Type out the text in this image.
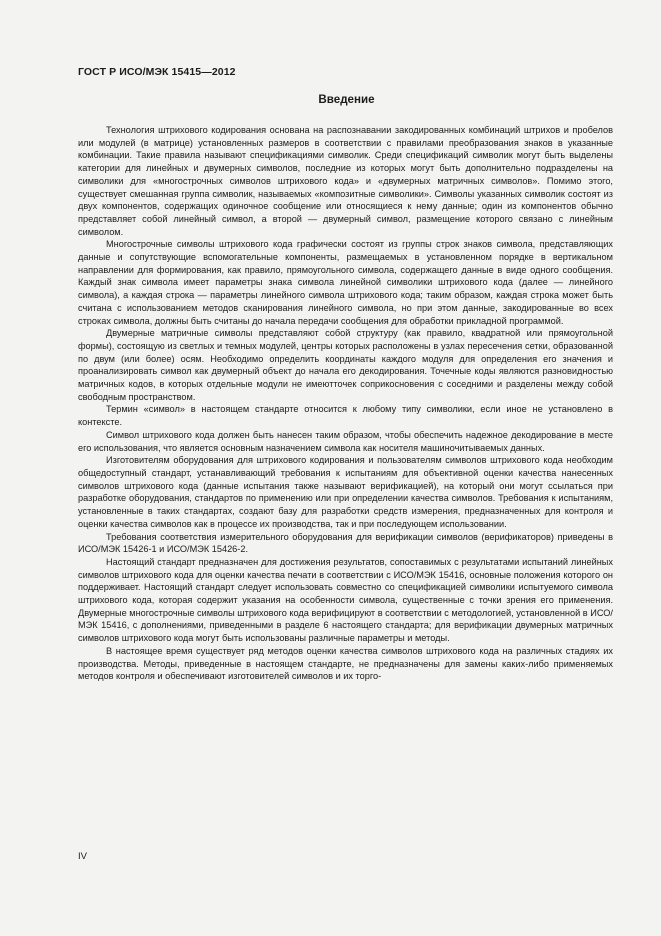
ГОСТ Р ИСО/МЭК 15415—2012
Введение

Технология штрихового кодирования основана на распознавании закодированных комбинаций штрихов и пробелов или модулей (в матрице) установленных размеров в соответствии с правилами преобразования знаков в указанные комбинации. Такие правила называют спецификациями символик. Среди спецификаций символик могут быть выделены категории для линейных и двумерных символов, последние из которых могут быть дополнительно подразделены на символики для «многострочных символов штрихового кода» и «двумерных матричных символов». Помимо этого, существует смешанная группа символик, называемых «композитные символики». Символы указанных символик состоят из двух компонентов, содержащих одиночное сообщение или относящиеся к нему данные; один из компонентов обычно представляет собой линейный символ, а второй — двумерный символ, размещение которого связано с линейным символом.

Многострочные символы штрихового кода графически состоят из группы строк знаков символа, представляющих данные и сопутствующие вспомогательные компоненты, размещаемых в установленном порядке в вертикальном направлении для формирования, как правило, прямоугольного символа, содержащего данные в виде одного сообщения. Каждый знак символа имеет параметры знака символа линейной символики штрихового кода (далее — линейного символа), а каждая строка — параметры линейного символа штрихового кода; таким образом, каждая строка может быть считана с использованием методов сканирования линейного символа, но при этом данные, закодированные во всех строках символа, должны быть считаны до начала передачи сообщения для обработки прикладной программой.

Двумерные матричные символы представляют собой структуру (как правило, квадратной или прямоугольной формы), состоящую из светлых и темных модулей, центры которых расположены в узлах пересечения сетки, образованной по двум (или более) осям. Необходимо определить координаты каждого модуля для определения его значения и проанализировать символ как двумерный объект до начала его декодирования. Точечные коды являются разновидностью матричных кодов, в которых отдельные модули не имеютточек соприкосновения с соседними и разделены между собой свободным пространством.

Термин «символ» в настоящем стандарте относится к любому типу символики, если иное не установлено в контексте.

Символ штрихового кода должен быть нанесен таким образом, чтобы обеспечить надежное декодирование в месте его использования, что является основным назначением символа как носителя машиночитываемых данных.

Изготовителям оборудования для штрихового кодирования и пользователям символов штрихового кода необходим общедоступный стандарт, устанавливающий требования к испытаниям для объективной оценки качества нанесенных символов штрихового кода (данные испытания также называют верификацией), на который они могут ссылаться при разработке оборудования, стандартов по применению или при определении качества символов. Требования к испытаниям, установленные в таких стандартах, создают базу для разработки средств измерения, предназначенных для контроля и оценки качества символов как в процессе их производства, так и при последующем использовании.

Требования соответствия измерительного оборудования для верификации символов (верификаторов) приведены в ИСО/МЭК 15426-1 и ИСО/МЭК 15426-2.

Настоящий стандарт предназначен для достижения результатов, сопоставимых с результатами испытаний линейных символов штрихового кода для оценки качества печати в соответствии с ИСО/МЭК 15416, основные положения которого он поддерживает. Настоящий стандарт следует использовать совместно со спецификацией символики испытуемого символа штрихового кода, которая содержит указания на особенности символа, существенные с точки зрения его применения. Двумерные многострочные символы штрихового кода верифицируют в соответствии с методологией, установленной в ИСО/МЭК 15416, с дополнениями, приведенными в разделе 6 настоящего стандарта; для верификации двумерных матричных символов штрихового кода могут быть использованы различные параметры и методы.

В настоящее время существует ряд методов оценки качества символов штрихового кода на различных стадиях их производства. Методы, приведенные в настоящем стандарте, не предназначены для замены каких-либо применяемых методов контроля и обеспечивают изготовителей символов и их торго-

IV
